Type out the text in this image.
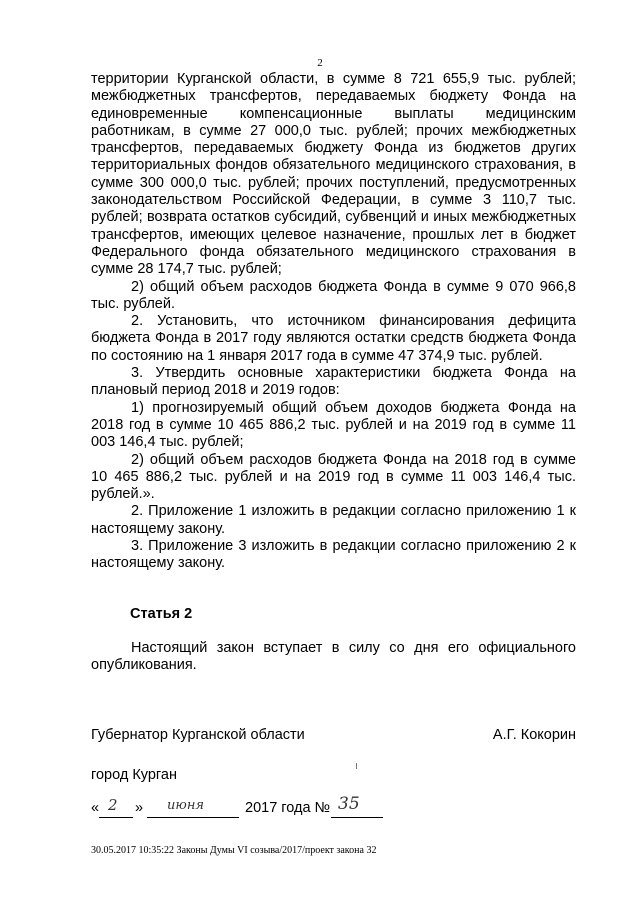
2

территории Курганской области, в сумме 8 721 655,9 тыс. рублей; межбюджетных трансфертов, передаваемых бюджету Фонда на единовременные компенсационные выплаты медицинским работникам, в сумме 27 000,0 тыс. рублей; прочих межбюджетных трансфертов, передаваемых бюджету Фонда из бюджетов других территориальных фондов обязательного медицинского страхования, в сумме 300 000,0 тыс. рублей; прочих поступлений, предусмотренных законодательством Российской Федерации, в сумме 3 110,7 тыс. рублей; возврата остатков субсидий, субвенций и иных межбюджетных трансфертов, имеющих целевое назначение, прошлых лет в бюджет Федерального фонда обязательного медицинского страхования в сумме 28 174,7 тыс. рублей;

2) общий объем расходов бюджета Фонда в сумме 9 070 966,8 тыс. рублей.

2. Установить, что источником финансирования дефицита бюджета Фонда в 2017 году являются остатки средств бюджета Фонда по состоянию на 1 января 2017 года в сумме 47 374,9 тыс. рублей.

3. Утвердить основные характеристики бюджета Фонда на плановый период 2018 и 2019 годов:

1) прогнозируемый общий объем доходов бюджета Фонда на 2018 год в сумме 10 465 886,2 тыс. рублей и на 2019 год в сумме 11 003 146,4 тыс. рублей;

2) общий объем расходов бюджета Фонда на 2018 год в сумме 10 465 886,2 тыс. рублей и на 2019 год в сумме 11 003 146,4 тыс. рублей.».

2. Приложение 1 изложить в редакции согласно приложению 1 к настоящему закону.

3. Приложение 3 изложить в редакции согласно приложению 2 к настоящему закону.

Статья 2

Настоящий закон вступает в силу со дня его официального опубликования.

Губернатор Курганской области	А.Г. Кокорин
город Курган
« 2 » июня	2017 года № 35
30.05.2017 10:35:22 Законы Думы VI созыва/2017/проект закона 32
